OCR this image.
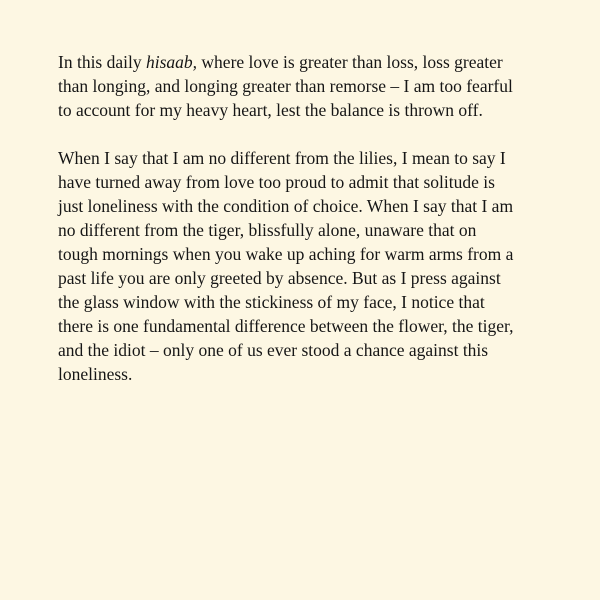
In this daily hisaab, where love is greater than loss, loss greater
than longing, and longing greater than remorse – I am too fearful
to account for my heavy heart, lest the balance is thrown off.

When I say that I am no different from the lilies, I mean to say I
have turned away from love too proud to admit that solitude is
just loneliness with the condition of choice. When I say that I am
no different from the tiger, blissfully alone, unaware that on
tough mornings when you wake up aching for warm arms from a
past life you are only greeted by absence. But as I press against
the glass window with the stickiness of my face, I notice that
there is one fundamental difference between the flower, the tiger,
and the idiot – only one of us ever stood a chance against this
loneliness.
